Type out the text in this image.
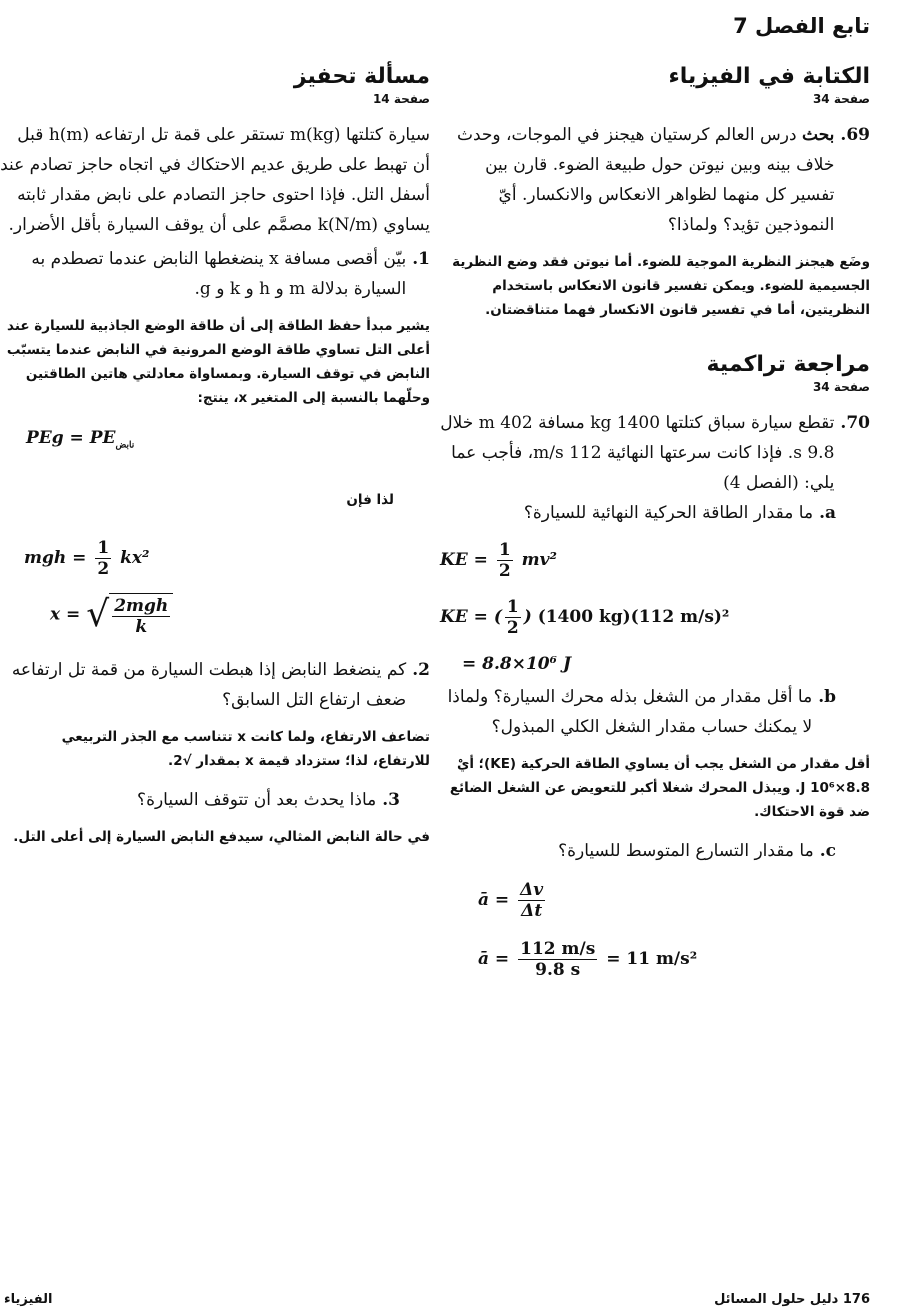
تابع الفصل 7

الكتابة في الفيزياء

صفحة 34

69.
بحث درس العالم كرستيان هيجنز في الموجات، وحدث خلاف بينه وبين نيوتن حول طبيعة الضوء. قارن بين تفسير كل منهما لظواهر الانعكاس والانكسار. أيّ النموذجين تؤيد؟ ولماذا؟

وضَع هيجنز النظرية الموجية للضوء. أما نيوتن فقد وضع النظرية الجسيمية للضوء. ويمكن تفسير قانون الانعكاس باستخدام النظريتين، أما في تفسير قانون الانكسار فهما متناقضتان.

مراجعة تراكمية

صفحة 34

70.
تقطع سيارة سباق كتلتها 1400 kg مسافة 402 m خلال 9.8 s. فإذا كانت سرعتها النهائية 112 m/s، فأجب عما يلي: (الفصل 4)
a.
ما مقدار الطاقة الحركية النهائية للسيارة؟
KE = $\frac{1}{2} mv^2$
KE = ( $\frac{1}{2}$ ) (1400 kg)(112 m/s)²
= 8.8×10⁶ J
b.
ما أقل مقدار من الشغل بذله محرك السيارة؟ ولماذا لا يمكنك حساب مقدار الشغل الكلي المبذول؟

أقل مقدار من الشغل يجب أن يساوي الطاقة الحركية (KE)؛ أيْ 8.8×10⁶ J. ويبذل المحرك شغلا أكبر للتعويض عن الشغل الضائع ضد قوة الاحتكاك.

c.
ما مقدار التسارع المتوسط للسيارة؟
ā = $\frac{\Delta v}{\Delta t}$
ā = $\frac{112 m/s}{9.8 s} = 11$ m/s²

مسألة تحفيز

صفحة 14

سيارة كتلتها m(kg) تستقر على قمة تل ارتفاعه h(m) قبل أن تهبط على طريق عديم الاحتكاك في اتجاه حاجز تصادم عند أسفل التل. فإذا احتوى حاجز التصادم على نابض مقدار ثابته يساوي k(N/m) مصمَّم على أن يوقف السيارة بأقل الأضرار.

1.
بيّن أقصى مسافة x ينضغطها النابض عندما تصطدم به السيارة بدلالة m و h و k و g.

يشير مبدأ حفظ الطاقة إلى أن طاقة الوضع الجاذبية للسيارة عند أعلى التل تساوي طاقة الوضع المرونية في النابض عندما يتسبّب النابض في توقف السيارة. وبمساواة معادلتي هاتين الطاقتين وحلّهما بالنسبة إلى المتغير x، ينتج:

PEg = $PE_{نابض}$

لذا فإن

mgh = $\frac{1}{2} kx^2$
x = √ $\frac{\text{2mgh}}{k}$
2.
كم ينضغط النابض إذا هبطت السيارة من قمة تل ارتفاعه ضعف ارتفاع التل السابق؟

تضاعف الارتفاع، ولما كانت x تتناسب مع الجذر التربيعي للارتفاع، لذا؛ ستزداد قيمة x بمقدار √2.

3.
ماذا يحدث بعد أن تتوقف السيارة؟

في حالة النابض المثالي، سيدفع النابض السيارة إلى أعلى التل.

176 دليل حلول المسائل
الفيزياء
